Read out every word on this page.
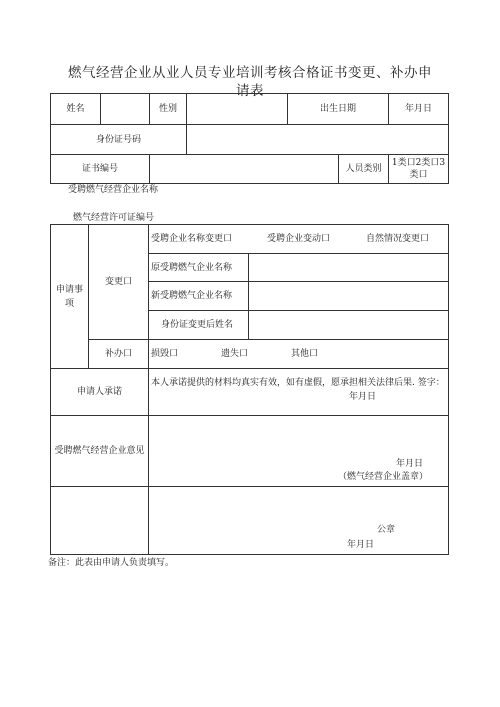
燃气经营企业从业人员专业培训考核合格证书变更、补办申
请表
姓名		性别		出生日期		年月日
身份证号码						
证书编号					人员类别	1类口2类口3类口
受聘燃气经营企业名称
燃气经营许可证编号
申请事
项	变更口	受聘企业名称变更口 受聘企业变动口 自然情况变更口	

		原受聘燃气企业名称	
		新受聘燃气企业名称	
		身份证变更后姓名	
	补办口	损毁口 遗失口 其他口	

申请人承诺		本人承诺提供的材料均真实有效，如有虚假，愿承担相关法律后果. 签字：
年月日	

受聘燃气经营企业意见		年月日
（燃气经营企业盖章）	

		公章
年月日	
备注：此表由申请人负责填写。
